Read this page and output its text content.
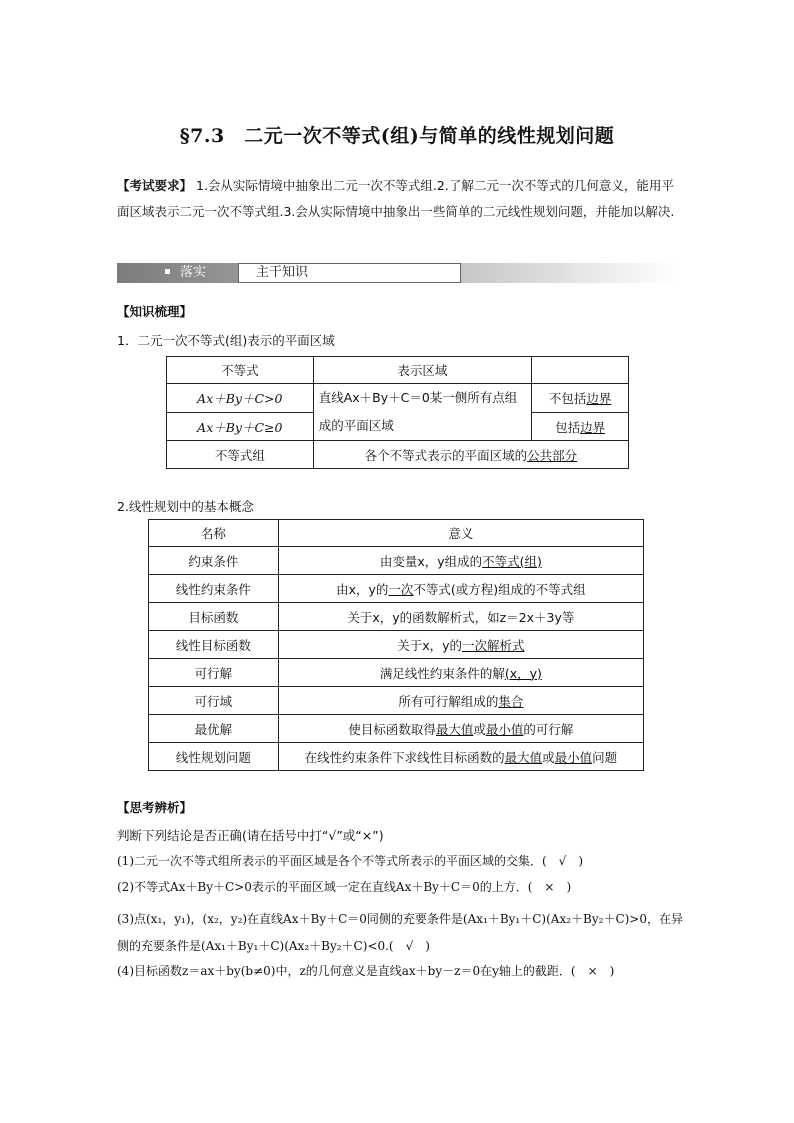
§7.3　二元一次不等式(组)与简单的线性规划问题
【考试要求】 1.会从实际情境中抽象出二元一次不等式组.2.了解二元一次不等式的几何意义，能用平面区域表示二元一次不等式组.3.会从实际情境中抽象出一些简单的二元线性规划问题，并能加以解决.
落实	主干知识
【知识梳理】
1．二元一次不等式(组)表示的平面区域
不等式	表示区域	
Ax＋By＋C>0	直线Ax＋By＋C＝0某一侧所有点组成的平面区域	不包括边界
Ax＋By＋C≥0		包括边界
不等式组	各个不等式表示的平面区域的公共部分	
2.线性规划中的基本概念
名称	意义
约束条件	由变量x，y组成的不等式(组)
线性约束条件	由x，y的一次不等式(或方程)组成的不等式组
目标函数	关于x，y的函数解析式，如z＝2x＋3y等
线性目标函数	关于x，y的一次解析式
可行解	满足线性约束条件的解(x，y)
可行域	所有可行解组成的集合
最优解	使目标函数取得最大值或最小值的可行解
线性规划问题	在线性约束条件下求线性目标函数的最大值或最小值问题
【思考辨析】
判断下列结论是否正确(请在括号中打“√”或“×”)
(1)二元一次不等式组所表示的平面区域是各个不等式所表示的平面区域的交集．(　√　)
(2)不等式Ax＋By＋C>0表示的平面区域一定在直线Ax＋By＋C＝0的上方．(　×　)
(3)点(x₁，y₁)，(x₂，y₂)在直线Ax＋By＋C＝0同侧的充要条件是(Ax₁＋By₁＋C)(Ax₂＋By₂＋C)>0，在异侧的充要条件是(Ax₁＋By₁＋C)(Ax₂＋By₂＋C)<0.(　√　)
(4)目标函数z＝ax＋by(b≠0)中，z的几何意义是直线ax＋by－z＝0在y轴上的截距．(　×　)
